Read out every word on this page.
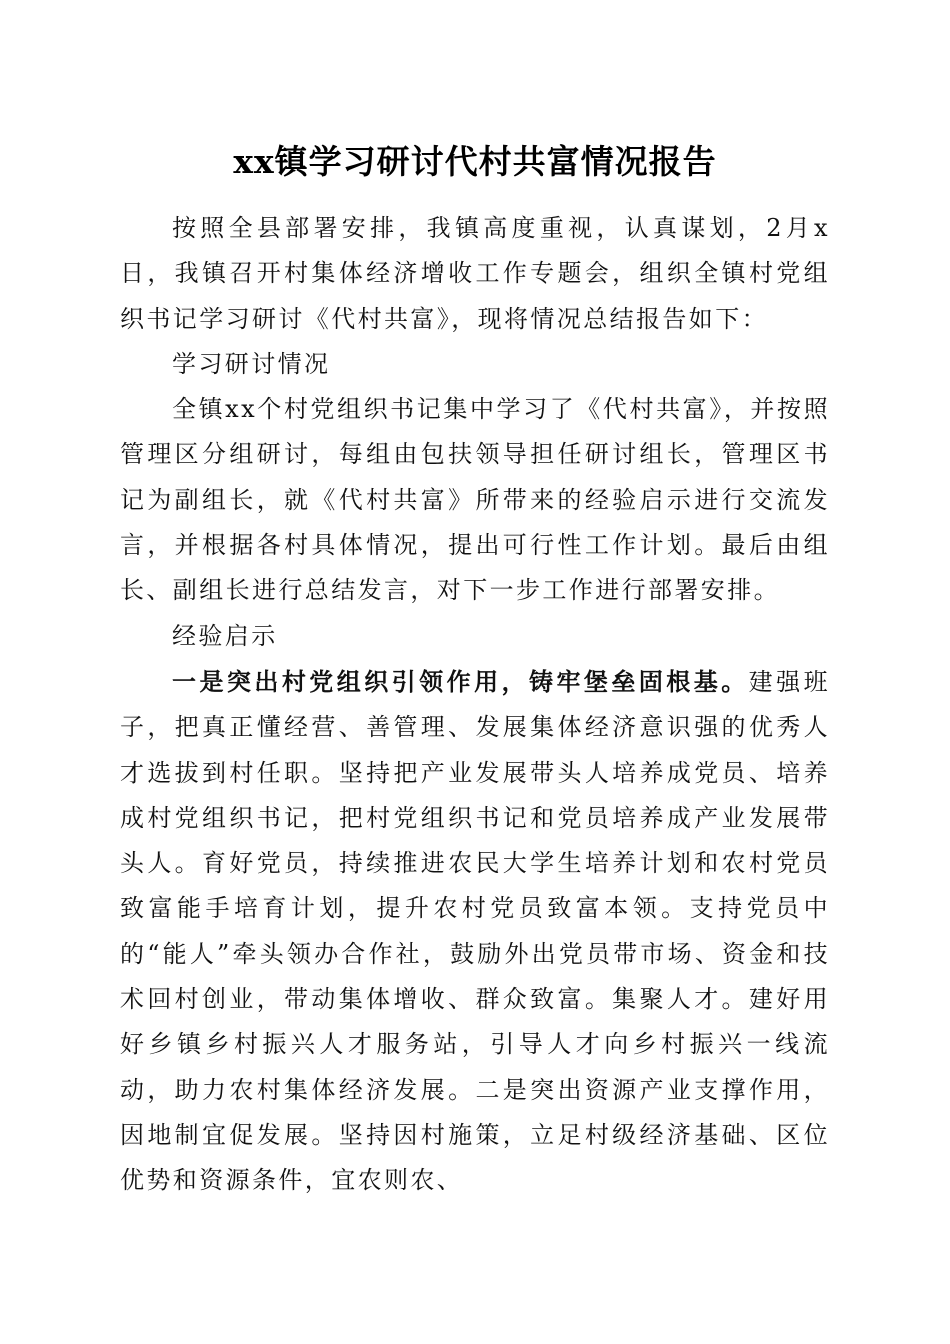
xx镇学习研讨代村共富情况报告

按照全县部署安排，我镇高度重视，认真谋划，2月x日，我镇召开村集体经济增收工作专题会，组织全镇村党组织书记学习研讨《代村共富》，现将情况总结报告如下：

学习研讨情况

全镇xx个村党组织书记集中学习了《代村共富》，并按照管理区分组研讨，每组由包扶领导担任研讨组长，管理区书记为副组长，就《代村共富》所带来的经验启示进行交流发言，并根据各村具体情况，提出可行性工作计划。最后由组长、副组长进行总结发言，对下一步工作进行部署安排。

经验启示

一是突出村党组织引领作用，铸牢堡垒固根基。建强班子，把真正懂经营、善管理、发展集体经济意识强的优秀人才选拔到村任职。坚持把产业发展带头人培养成党员、培养成村党组织书记，把村党组织书记和党员培养成产业发展带头人。育好党员，持续推进农民大学生培养计划和农村党员致富能手培育计划，提升农村党员致富本领。支持党员中的“能人”牵头领办合作社，鼓励外出党员带市场、资金和技术回村创业，带动集体增收、群众致富。集聚人才。建好用好乡镇乡村振兴人才服务站，引导人才向乡村振兴一线流动，助力农村集体经济发展。二是突出资源产业支撑作用，因地制宜促发展。坚持因村施策，立足村级经济基础、区位优势和资源条件，宜农则农、
